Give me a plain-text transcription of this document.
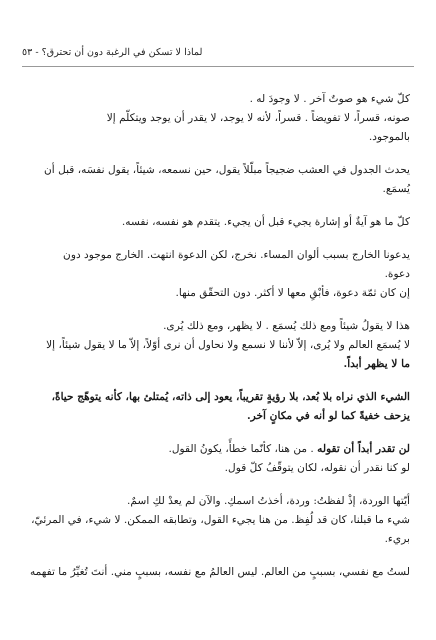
لماذا لا تسكن في الرغبة دون أن تحترق؟ - ٥٣

كلّ شيء هو صوتٌ آخر . لا وجودَ له .
صونه، قسراً، لا تفويضاً . قسراً، لأنه لا يوجد، لا يقدر أن يوجد ويتكلّم إلا
بالموجود.

يحدث الجدول في العشب ضجيجاً مبلّلاً يقول، حين نسمعه، شيئاً، يقول نفسَه، قبل أن
يُسمَع.

كلّ ما هو آيةٌ أو إشارة يجيء قبل أن يجيء. يتقدم هو نفسه، نفسه.

يدعونا الخارج بسبب ألوان المساء. نخرج، لكن الدعوة انتهت. الخارج موجود دون
دعوة.
إن كان ثمّة دعوة، فأبْقِ معها لا أكثر. دون التحقّق منها.

هذا لا يقولُ شيئاً ومع ذلك يُسمَع . لا يظهر، ومع ذلك يُرى.
لا يُسمَع العالم ولا يُرى، إلاّ لأننا لا نسمع ولا نحاول أن نرى أوّلاً، إلاّ ما لا يقول شيئاً، إلا
ما لا يظهر أبداً.

الشيء الذي نراه بلا بُعد، بلا رؤيةٍ تقريباً، يعود إلى ذاته، يُمتلئ بها، كأنه يتوهّج حياةً،
يزحف خفيةً كما لو أنه في مكانٍ آخر.

لن تقدر أبداً أن تقوله . من هنا، كأنّما خطأً، يكونُ القول.
لو كنا نقدر أن نقوله، لكان يتوقّفُ كلّ قول.

أيّتها الوردة، إذْ لفظتُ: وردة، أخذتُ اسمكِ. والآن لم يعدْ لكِ اسمٌ.
شيء ما قبلنا، كان قد لُفِظ. من هنا يجيء القول، وتطابقه الممكن. لا شيء، في المرئيّ،
بريء.

لستُ مع نفسي، بسببٍ من العالم. ليس العالمُ مع نفسه، بسببٍ مني. أنتَ تُغيِّرُ ما تفهمه
